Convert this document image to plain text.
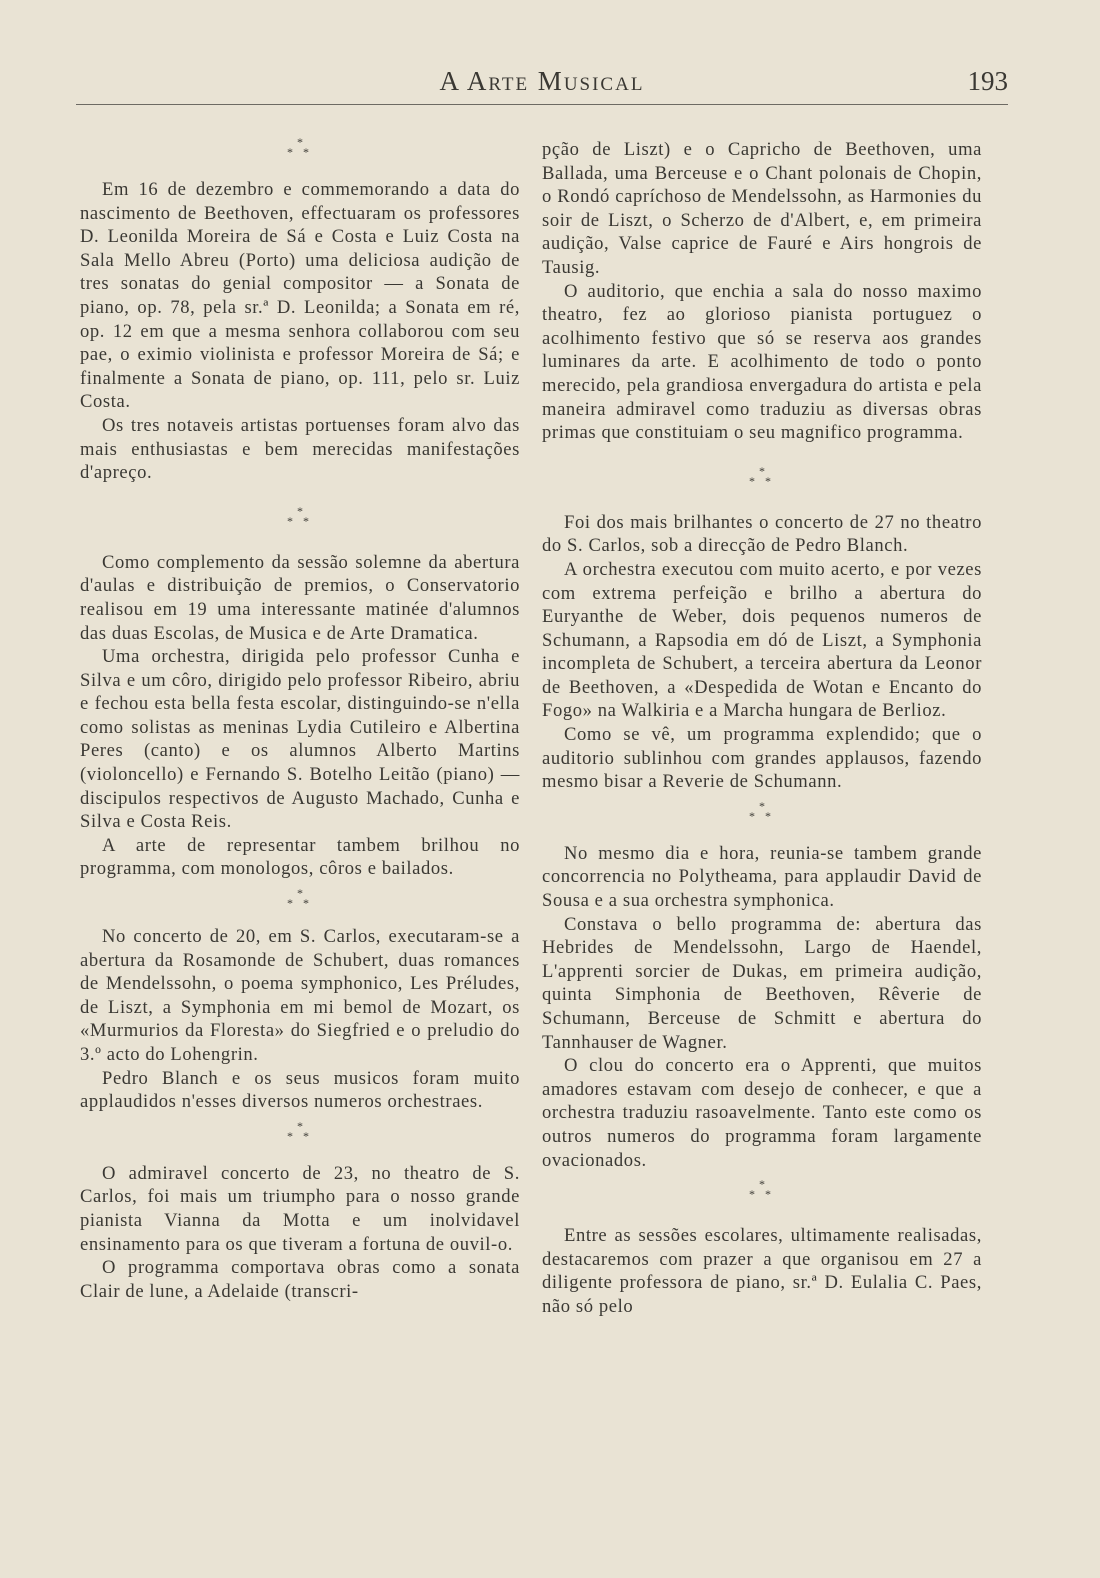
A Arte Musical	193
*
* *

Em 16 de dezembro e commemorando a data do nascimento de Beethoven, effectuaram os professores D. Leonilda Moreira de Sá e Costa e Luiz Costa na Sala Mello Abreu (Porto) uma deliciosa audição de tres sonatas do genial compositor — a Sonata de piano, op. 78, pela sr.ª D. Leonilda; a Sonata em ré, op. 12 em que a mesma senhora collaborou com seu pae, o eximio violinista e professor Moreira de Sá; e finalmente a Sonata de piano, op. 111, pelo sr. Luiz Costa.

Os tres notaveis artistas portuenses foram alvo das mais enthusiastas e bem merecidas manifestações d'apreço.

*
* *

Como complemento da sessão solemne da abertura d'aulas e distribuição de premios, o Conservatorio realisou em 19 uma interessante matinée d'alumnos das duas Escolas, de Musica e de Arte Dramatica.

Uma orchestra, dirigida pelo professor Cunha e Silva e um côro, dirigido pelo professor Ribeiro, abriu e fechou esta bella festa escolar, distinguindo-se n'ella como solistas as meninas Lydia Cutileiro e Albertina Peres (canto) e os alumnos Alberto Martins (violoncello) e Fernando S. Botelho Leitão (piano) — discipulos respectivos de Augusto Machado, Cunha e Silva e Costa Reis.

A arte de representar tambem brilhou no programma, com monologos, côros e bailados.

*
* *

No concerto de 20, em S. Carlos, executaram-se a abertura da Rosamonde de Schubert, duas romances de Mendelssohn, o poema symphonico, Les Préludes, de Liszt, a Symphonia em mi bemol de Mozart, os «Murmurios da Floresta» do Siegfried e o preludio do 3.º acto do Lohengrin.

Pedro Blanch e os seus musicos foram muito applaudidos n'esses diversos numeros orchestraes.

*
* *

O admiravel concerto de 23, no theatro de S. Carlos, foi mais um triumpho para o nosso grande pianista Vianna da Motta e um inolvidavel ensinamento para os que tiveram a fortuna de ouvil-o.

O programma comportava obras como a sonata Clair de lune, a Adelaide (transcri-

pção de Liszt) e o Capricho de Beethoven, uma Ballada, uma Berceuse e o Chant polonais de Chopin, o Rondó capríchoso de Mendelssohn, as Harmonies du soir de Liszt, o Scherzo de d'Albert, e, em primeira audição, Valse caprice de Fauré e Airs hongrois de Tausig.

O auditorio, que enchia a sala do nosso maximo theatro, fez ao glorioso pianista portuguez o acolhimento festivo que só se reserva aos grandes luminares da arte. E acolhimento de todo o ponto merecido, pela grandiosa envergadura do artista e pela maneira admiravel como traduziu as diversas obras primas que constituiam o seu magnifico programma.

*
* *

Foi dos mais brilhantes o concerto de 27 no theatro do S. Carlos, sob a direcção de Pedro Blanch.

A orchestra executou com muito acerto, e por vezes com extrema perfeição e brilho a abertura do Euryanthe de Weber, dois pequenos numeros de Schumann, a Rapsodia em dó de Liszt, a Symphonia incompleta de Schubert, a terceira abertura da Leonor de Beethoven, a «Despedida de Wotan e Encanto do Fogo» na Walkiria e a Marcha hungara de Berlioz.

Como se vê, um programma explendido; que o auditorio sublinhou com grandes applausos, fazendo mesmo bisar a Reverie de Schumann.

*
* *

No mesmo dia e hora, reunia-se tambem grande concorrencia no Polytheama, para applaudir David de Sousa e a sua orchestra symphonica.

Constava o bello programma de: abertura das Hebrides de Mendelssohn, Largo de Haendel, L'apprenti sorcier de Dukas, em primeira audição, quinta Simphonia de Beethoven, Rêverie de Schumann, Berceuse de Schmitt e abertura do Tannhauser de Wagner.

O clou do concerto era o Apprenti, que muitos amadores estavam com desejo de conhecer, e que a orchestra traduziu rasoavelmente. Tanto este como os outros numeros do programma foram largamente ovacionados.

*
* *

Entre as sessões escolares, ultimamente realisadas, destacaremos com prazer a que organisou em 27 a diligente professora de piano, sr.ª D. Eulalia C. Paes, não só pelo
